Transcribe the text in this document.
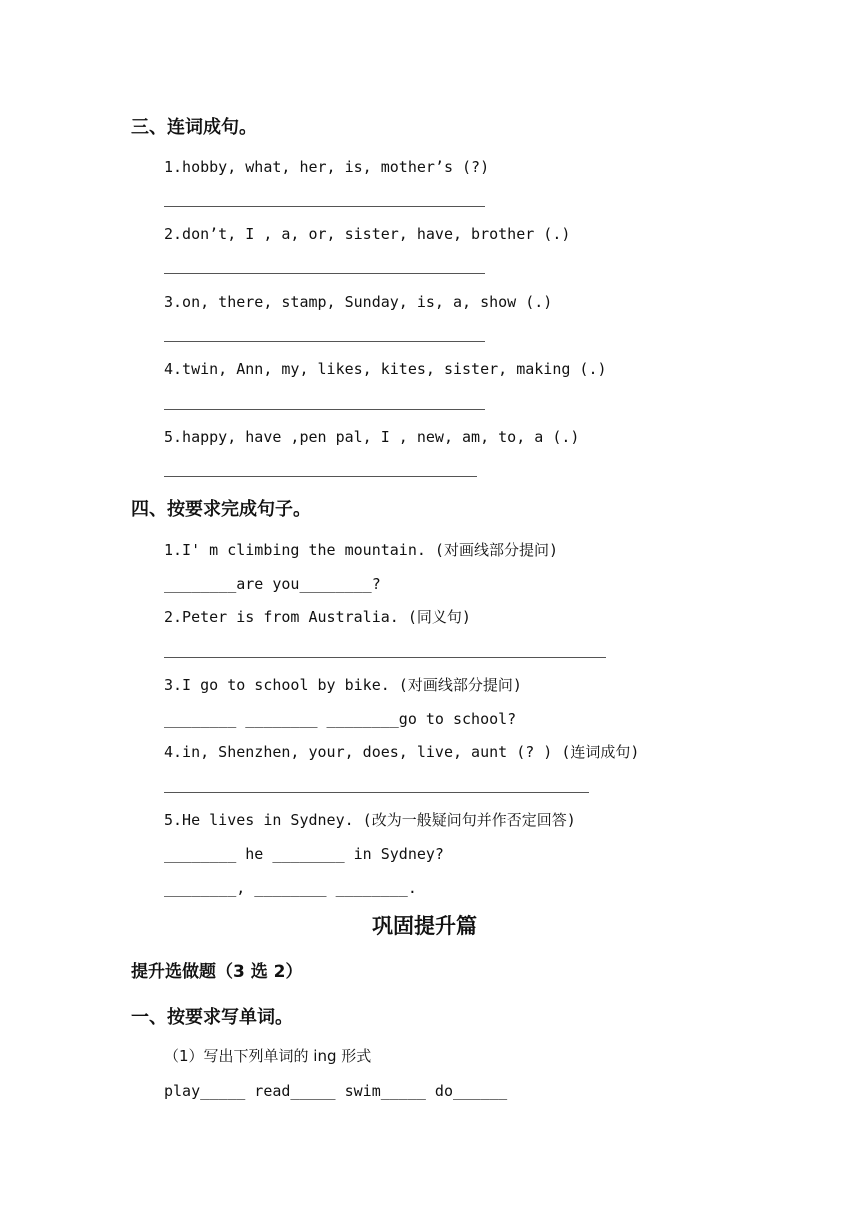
三、连词成句。
1.hobby, what, her, is, mother’s (?)
2.don’t, I , a, or, sister, have, brother (.)
3.on, there, stamp, Sunday, is, a, show (.)
4.twin, Ann, my, likes, kites, sister, making (.)
5.happy, have ,pen pal, I , new, am, to, a (.)
四、按要求完成句子。
1.I' m climbing the mountain. (对画线部分提问)
________are you________?
2.Peter is from Australia. (同义句)
3.I go to school by bike. (对画线部分提问)
________ ________ ________go to school?
4.in, Shenzhen, your, does, live, aunt (? ) (连词成句)
5.He lives in Sydney. (改为一般疑问句并作否定回答)
________ he ________ in Sydney?
________, ________ ________.
巩固提升篇
提升选做题（3 选 2）
一、按要求写单词。
（1）写出下列单词的 ing 形式
play_____ read_____ swim_____ do______
